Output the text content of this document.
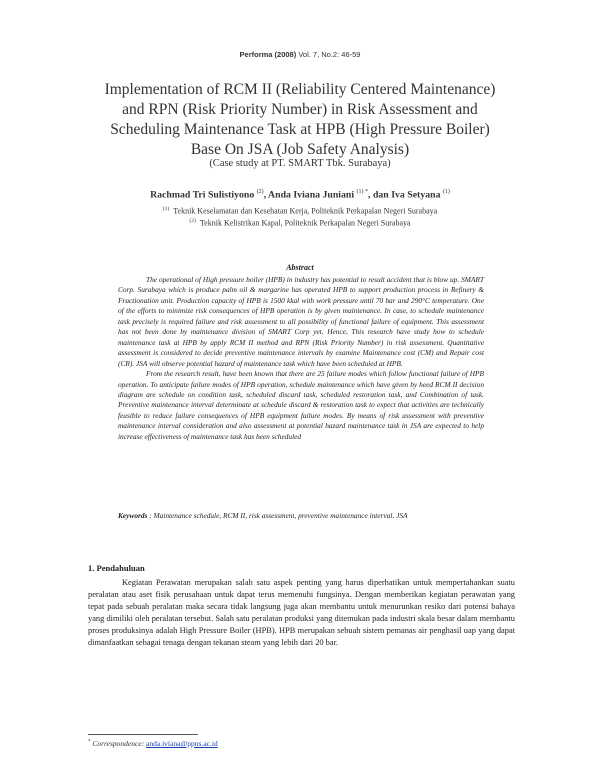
Performa (2008) Vol. 7, No.2: 46-59
Implementation of RCM II (Reliability Centered Maintenance)
and RPN (Risk Priority Number) in Risk Assessment and
Scheduling Maintenance Task at HPB (High Pressure Boiler)
Base On JSA (Job Safety Analysis)
(Case study at PT. SMART Tbk. Surabaya)
Rachmad Tri Sulistiyono $^{(2)}$, Anda Iviana Juniani $^{(1) *}$, dan Iva Setyana $^{(1)}$
$^{(1)}$ Teknik Keselamatan dan Kesehatan Kerja, Politeknik Perkapalan Negeri Surabaya
$^{(2)}$ Teknik Kelistrikan Kapal, Politeknik Perkapalan Negeri Surabaya
Abstract

The operational of High pressure boiler (HPB) in industry has potential to result accident that is blow up. SMART Corp. Surabaya which is produce palm oil & margarine has operated HPB to support production process in Refinery & Fractionation unit. Production capacity of HPB is 1500 kkal with work pressure until 70 bar and 290°C temperature. One of the efforts to minimize risk consequences of HPB operation is by given maintenance. In case, to schedule maintenance task precisely is required failure and risk assessment to all possibility of functional failure of equipment. This assessment has not been done by maintenance division of SMART Corp yet. Hence, This research have study how to schedule maintenance task at HPB by apply RCM II method and RPN (Risk Priority Number) in risk assessment. Quantitative assessment is considered to decide preventive maintenance intervals by examine Maintenance cost (CM) and Repair cost (CR). JSA will observe potential hazard of maintenance task which have been scheduled at HPB.

From the research result, have been known that there are 25 failure modes which follow functional failure of HPB operation. To anticipate failure modes of HPB operation, schedule maintenance which have given by heed RCM II decision diagram are schedule on condition task, scheduled discard task, scheduled restoration task, and Combination of task. Preventive maintenance interval determinate at schedule discard & restoration task to expect that activities are technically feasible to reduce failure consequences of HPB equipment failure modes. By means of risk assessment with preventive maintenance interval consideration and also assessment at potential hazard maintenance task in JSA are expected to help increase effectiveness of maintenance task has been scheduled

Keywords : Maintenance schedule, RCM II, risk assessment, preventive maintenance interval, JSA
1. Pendahuluan

Kegiatan Perawatan merupakan salah satu aspek penting yang harus diperhatikan untuk mempertahankan suatu peralatan atau aset fisik perusahaan untuk dapat terus memenuhi fungsinya. Dengan memberikan kegiatan perawatan yang tepat pada sebuah peralatan maka secara tidak langsung juga akan membantu untuk menurunkan resiko dari potensi bahaya yang dimiliki oleh peralatan tersebut. Salah satu peralatan produksi yang ditemukan pada industri skala besar dalam membantu proses produksinya adalah High Pressure Boiler (HPB). HPB merupakan sebuah sistem pemanas air penghasil uap yang dapat dimanfaatkan sebagai tenaga dengan tekanan steam yang lebih dari 20 bar.

* Correspondence: anda.iviana@ppns.ac.id
